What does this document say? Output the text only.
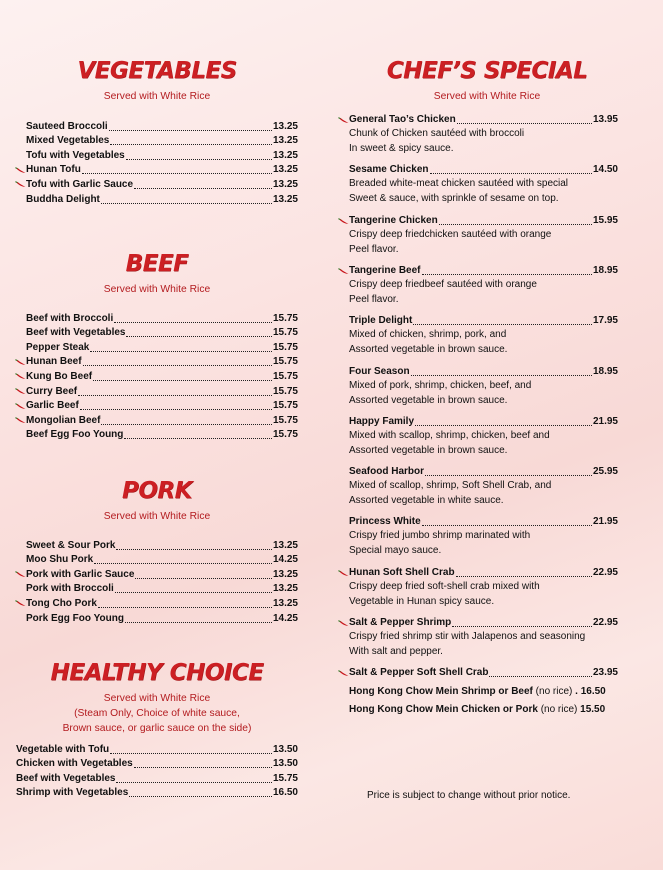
VEGETABLES
Served with White Rice
Sauteed Broccoli	13.25
Mixed Vegetables	13.25
Tofu with Vegetables	13.25
Hunan Tofu	13.25
Tofu with Garlic Sauce	13.25
Buddha Delight	13.25
BEEF
Served with White Rice
Beef with Broccoli	15.75
Beef with Vegetables	15.75
Pepper Steak	15.75
Hunan Beef	15.75
Kung Bo Beef	15.75
Curry Beef	15.75
Garlic Beef	15.75
Mongolian Beef	15.75
Beef Egg Foo Young	15.75
PORK
Served with White Rice
Sweet & Sour Pork	13.25
Moo Shu Pork	14.25
Pork with Garlic Sauce	13.25
Pork with Broccoli	13.25
Tong Cho Pork	13.25
Pork Egg Foo Young	14.25
HEALTHY CHOICE
Served with White Rice
(Steam Only, Choice of white sauce,
Brown sauce, or garlic sauce on the side)
Vegetable with Tofu	13.50
Chicken with Vegetables	13.50
Beef with Vegetables	15.75
Shrimp with Vegetables	16.50
CHEF’S SPECIAL
Served with White Rice
General Tao’s Chicken	13.95
Chunk of Chicken sautéed with broccoli
In sweet & spicy sauce.
Sesame Chicken	14.50
Breaded white-meat chicken sautéed with special
Sweet & sauce, with sprinkle of sesame on top.
Tangerine Chicken	15.95
Crispy deep friedchicken sautéed with orange
Peel flavor.
Tangerine Beef	18.95
Crispy deep friedbeef sautéed with orange
Peel flavor.
Triple Delight	17.95
Mixed of chicken, shrimp, pork, and
Assorted vegetable in brown sauce.
Four Season	18.95
Mixed of pork, shrimp, chicken, beef, and
Assorted vegetable in brown sauce.
Happy Family	21.95
Mixed with scallop, shrimp, chicken, beef and
Assorted vegetable in brown sauce.
Seafood Harbor	25.95
Mixed of scallop, shrimp, Soft Shell Crab, and
Assorted vegetable in white sauce.
Princess White	21.95
Crispy fried jumbo shrimp marinated with
Special mayo sauce.
Hunan Soft Shell Crab	22.95
Crispy deep fried soft-shell crab mixed with
Vegetable in Hunan spicy sauce.
Salt & Pepper Shrimp	22.95
Crispy fried shrimp stir with Jalapenos and seasoning
With salt and pepper.
Salt & Pepper Soft Shell Crab	23.95
Hong Kong Chow Mein Shrimp or Beef (no rice) . 16.50
Hong Kong Chow Mein Chicken or Pork (no rice) 15.50
Price is subject to change without prior notice.
